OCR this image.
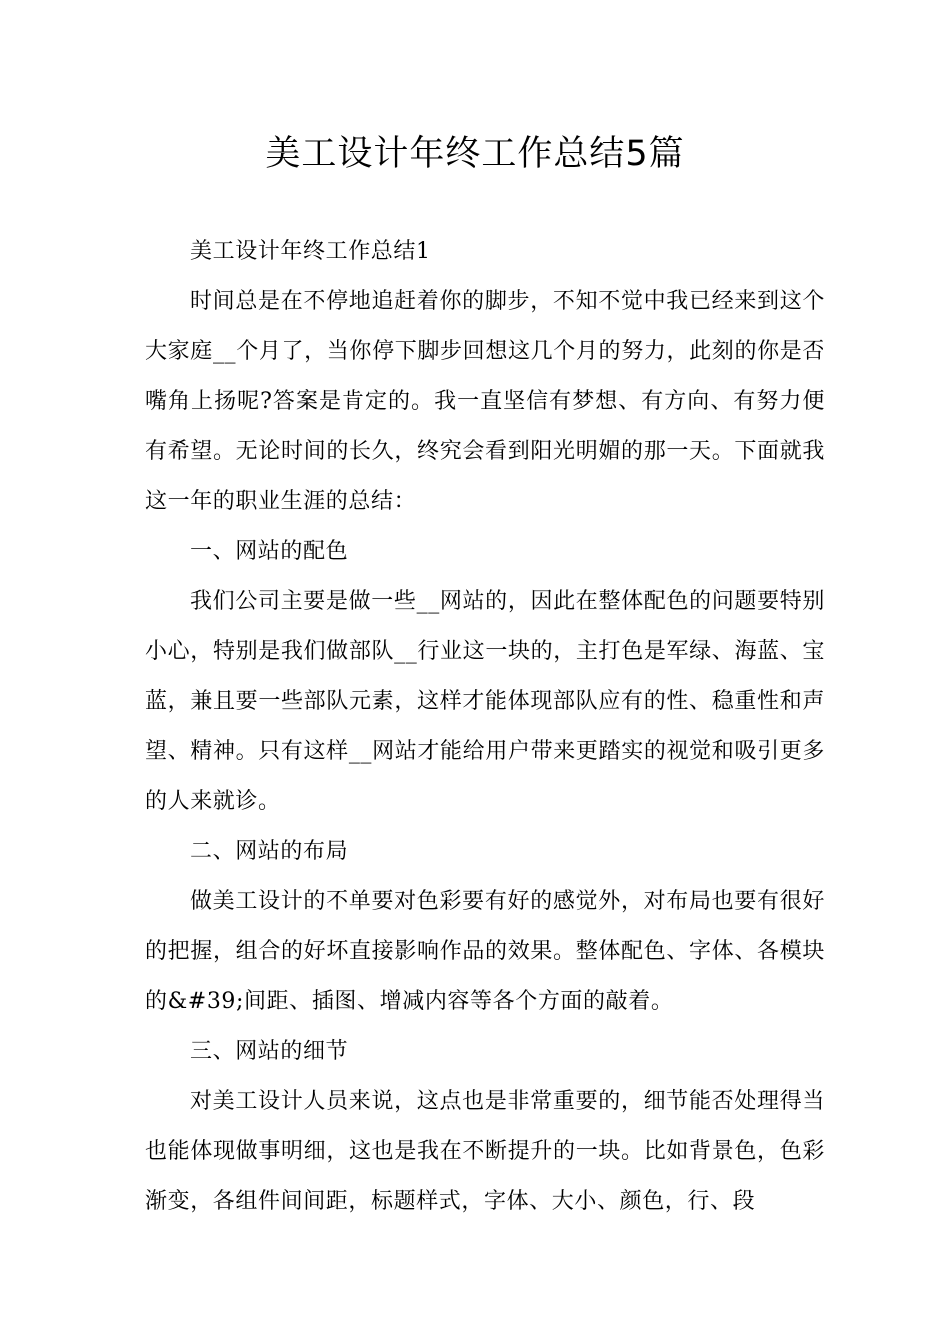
美工设计年终工作总结5篇

美工设计年终工作总结1

时间总是在不停地追赶着你的脚步，不知不觉中我已经来到这个大家庭__个月了，当你停下脚步回想这几个月的努力，此刻的你是否嘴角上扬呢?答案是肯定的。我一直坚信有梦想、有方向、有努力便有希望。无论时间的长久，终究会看到阳光明媚的那一天。下面就我这一年的职业生涯的总结：

一、网站的配色

我们公司主要是做一些__网站的，因此在整体配色的问题要特别小心，特别是我们做部队__行业这一块的，主打色是军绿、海蓝、宝蓝，兼且要一些部队元素，这样才能体现部队应有的性、稳重性和声望、精神。只有这样__网站才能给用户带来更踏实的视觉和吸引更多的人来就诊。

二、网站的布局

做美工设计的不单要对色彩要有好的感觉外，对布局也要有很好的把握，组合的好坏直接影响作品的效果。整体配色、字体、各模块的&#39;间距、插图、增减内容等各个方面的敲着。

三、网站的细节

对美工设计人员来说，这点也是非常重要的，细节能否处理得当也能体现做事明细，这也是我在不断提升的一块。比如背景色，色彩渐变，各组件间间距，标题样式，字体、大小、颜色，行、段
